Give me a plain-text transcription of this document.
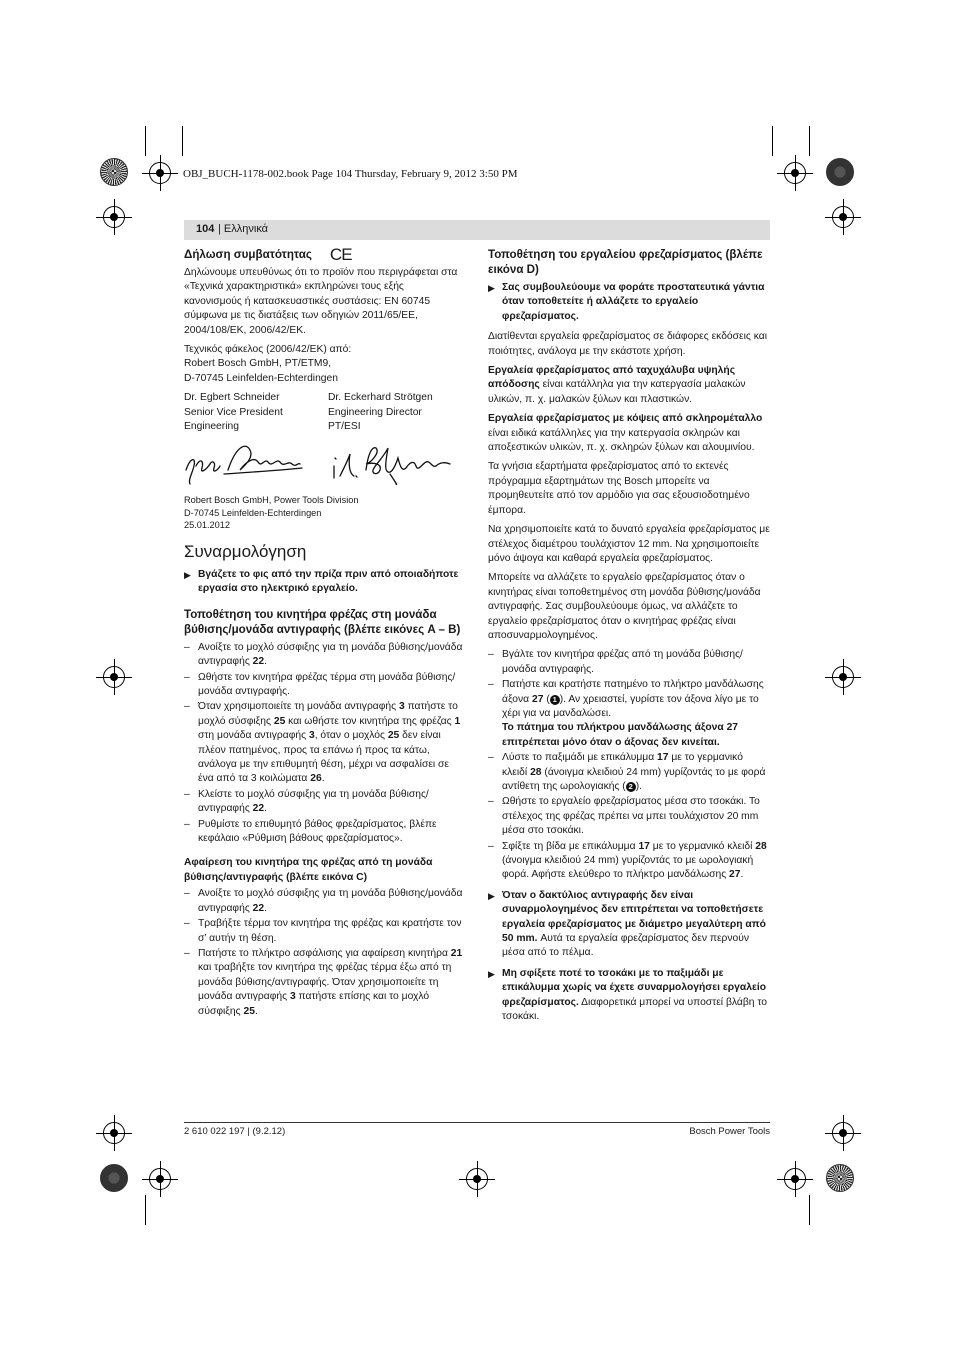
OBJ_BUCH-1178-002.book Page 104 Thursday, February 9, 2012 3:50 PM
104 | Ελληνικά
Δήλωση συμβατότητας CE

Δηλώνουμε υπευθύνως ότι το προϊόν που περιγράφεται στα «Τεχνικά χαρακτηριστικά» εκπληρώνει τους εξής κανονισμούς ή κατασκευαστικές συστάσεις: EN 60745 σύμφωνα με τις διατάξεις των οδηγιών 2011/65/ΕΕ, 2004/108/ΕΚ, 2006/42/ΕΚ.

Τεχνικός φάκελος (2006/42/ΕΚ) από:
Robert Bosch GmbH, PT/ETM9,

D-70745 Leinfelden-Echterdingen

Dr. Egbert Schneider
Senior Vice President
Engineering
Dr. Eckerhard Strötgen
Engineering Director
PT/ESI
Robert Bosch GmbH, Power Tools Division
D-70745 Leinfelden-Echterdingen
25.01.2012
Συναρμολόγηση
▶ Βγάζετε το φις από την πρίζα πριν από οποιαδήποτε εργασία στο ηλεκτρικό εργαλείο.
Τοποθέτηση του κινητήρα φρέζας στη μονάδα βύθισης/μονάδα αντιγραφής (βλέπε εικόνες A – B)
– Ανοίξτε το μοχλό σύσφιξης για τη μονάδα βύθισης/μονάδα αντιγραφής 22.
– Ωθήστε τον κινητήρα φρέζας τέρμα στη μονάδα βύθισης/μονάδα αντιγραφής.
– Όταν χρησιμοποιείτε τη μονάδα αντιγραφής 3 πατήστε το μοχλό σύσφιξης 25 και ωθήστε τον κινητήρα της φρέζας 1 στη μονάδα αντιγραφής 3, όταν ο μοχλός 25 δεν είναι πλέον πατημένος, προς τα επάνω ή προς τα κάτω, ανάλογα με την επιθυμητή θέση, μέχρι να ασφαλίσει σε ένα από τα 3 κοιλώματα 26.
– Κλείστε το μοχλό σύσφιξης για τη μονάδα βύθισης/αντιγραφής 22.
– Ρυθμίστε το επιθυμητό βάθος φρεζαρίσματος, βλέπε κεφάλαιο «Ρύθμιση βάθους φρεζαρίσματος».
Αφαίρεση του κινητήρα της φρέζας από τη μονάδα βύθισης/αντιγραφής (βλέπε εικόνα C)
– Ανοίξτε το μοχλό σύσφιξης για τη μονάδα βύθισης/μονάδα αντιγραφής 22.
– Τραβήξτε τέρμα τον κινητήρα της φρέζας και κρατήστε τον σ’ αυτήν τη θέση.
– Πατήστε το πλήκτρο ασφάλισης για αφαίρεση κινητήρα 21 και τραβήξτε τον κινητήρα της φρέζας τέρμα έξω από τη μονάδα βύθισης/αντιγραφής. Όταν χρησιμοποιείτε τη μονάδα αντιγραφής 3 πατήστε επίσης και το μοχλό σύσφιξης 25.
Τοποθέτηση του εργαλείου φρεζαρίσματος (βλέπε εικόνα D)
▶ Σας συμβουλεύουμε να φοράτε προστατευτικά γάντια όταν τοποθετείτε ή αλλάζετε το εργαλείο φρεζαρίσματος.

Διατίθενται εργαλεία φρεζαρίσματος σε διάφορες εκδόσεις και ποιότητες, ανάλογα με την εκάστοτε χρήση.

Εργαλεία φρεζαρίσματος από ταχυχάλυβα υψηλής απόδοσης είναι κατάλληλα για την κατεργασία μαλακών υλικών, π. χ. μαλακών ξύλων και πλαστικών.

Εργαλεία φρεζαρίσματος με κόψεις από σκληρομέταλλο είναι ειδικά κατάλληλες για την κατεργασία σκληρών και αποξεστικών υλικών, π. χ. σκληρών ξύλων και αλουμινίου.

Τα γνήσια εξαρτήματα φρεζαρίσματος από το εκτενές πρόγραμμα εξαρτημάτων της Bosch μπορείτε να προμηθευτείτε από τον αρμόδιο για σας εξουσιοδοτημένο έμπορα.

Να χρησιμοποιείτε κατά το δυνατό εργαλεία φρεζαρίσματος με στέλεχος διαμέτρου τουλάχιστον 12 mm. Να χρησιμοποιείτε μόνο άψογα και καθαρά εργαλεία φρεζαρίσματος.

Μπορείτε να αλλάζετε το εργαλείο φρεζαρίσματος όταν ο κινητήρας είναι τοποθετημένος στη μονάδα βύθισης/μονάδα αντιγραφής. Σας συμβουλεύουμε όμως, να αλλάζετε το εργαλείο φρεζαρίσματος όταν ο κινητήρας φρέζας είναι αποσυναρμολογημένος.

– Βγάλτε τον κινητήρα φρέζας από τη μονάδα βύθισης/μονάδα αντιγραφής.
– Πατήστε και κρατήστε πατημένο το πλήκτρο μανδάλωσης άξονα 27 ( 1 ). Αν χρειαστεί, γυρίστε τον άξονα λίγο με το χέρι για να μανδαλώσει.
Το πάτημα του πλήκτρου μανδάλωσης άξονα 27 επιτρέπεται μόνο όταν ο άξονας δεν κινείται.
– Λύστε το παξιμάδι με επικάλυμμα 17 με το γερμανικό κλειδί 28 (άνοιγμα κλειδιού 24 mm) γυρίζοντάς το με φορά αντίθετη της ωρολογιακής ( 2 ).
– Ωθήστε το εργαλείο φρεζαρίσματος μέσα στο τσοκάκι. Το στέλεχος της φρέζας πρέπει να μπει τουλάχιστον 20 mm μέσα στο τσοκάκι.
– Σφίξτε τη βίδα με επικάλυμμα 17 με το γερμανικό κλειδί 28 (άνοιγμα κλειδιού 24 mm) γυρίζοντάς το με ωρολογιακή φορά. Αφήστε ελεύθερο το πλήκτρο μανδάλωσης 27.
▶ Όταν ο δακτύλιος αντιγραφής δεν είναι συναρμολογημένος δεν επιτρέπεται να τοποθετήσετε εργαλεία φρεζαρίσματος με διάμετρο μεγαλύτερη από 50 mm. Αυτά τα εργαλεία φρεζαρίσματος δεν περνούν μέσα από το πέλμα.
▶ Μη σφίξετε ποτέ το τσοκάκι με το παξιμάδι με επικάλυμμα χωρίς να έχετε συναρμολογήσει εργαλείο φρεζαρίσματος. Διαφορετικά μπορεί να υποστεί βλάβη το τσοκάκι.
2 610 022 197 | (9.2.12)	Bosch Power Tools
